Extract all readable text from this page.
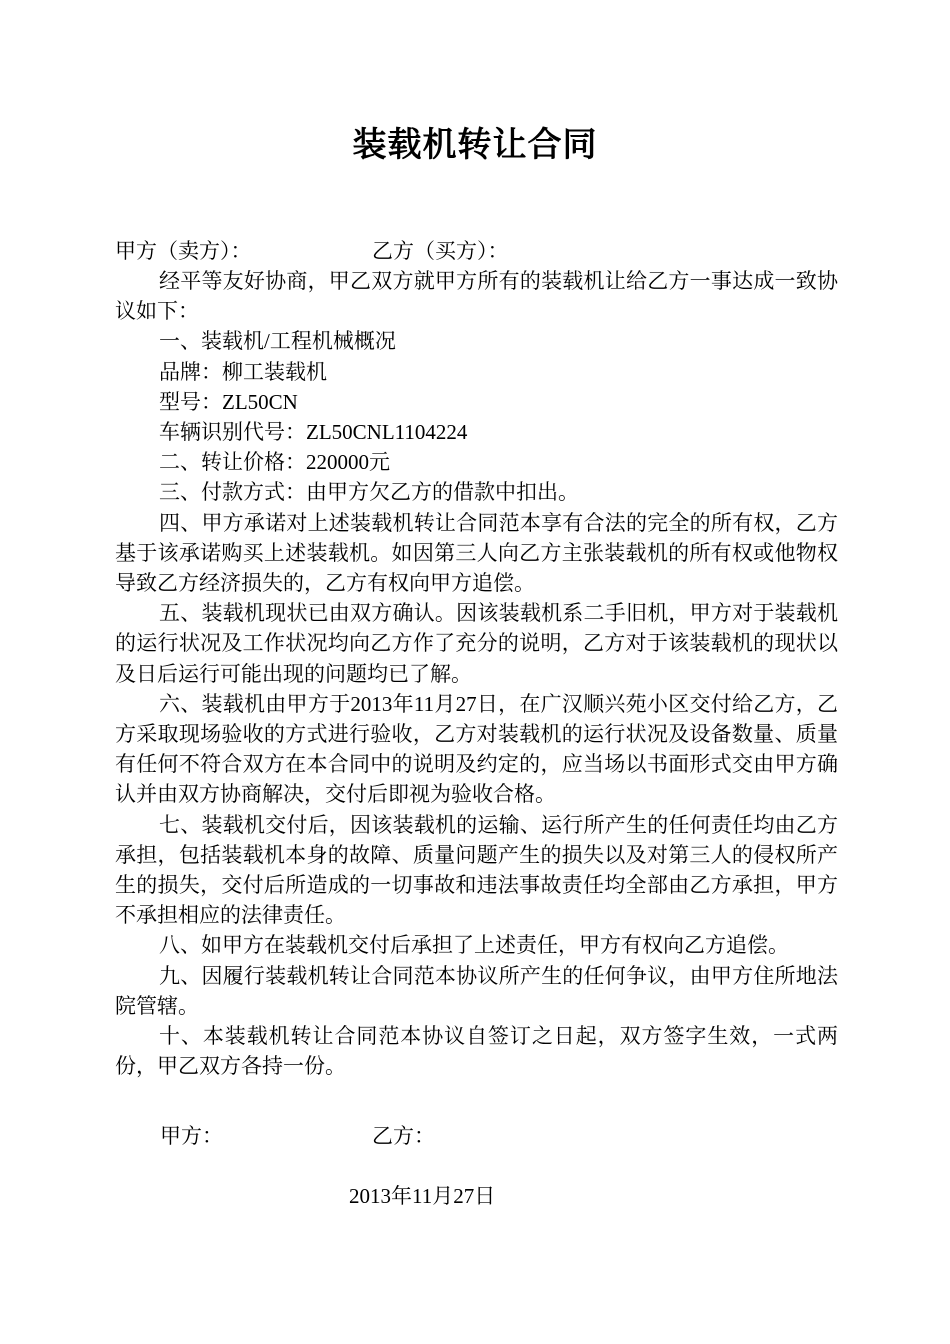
装载机转让合同
甲方（卖方）：	乙方（买方）：

经平等友好协商，甲乙双方就甲方所有的装载机让给乙方一事达成一致协议如下：

一、装载机/工程机械概况

品牌：柳工装载机

型号：ZL50CN

车辆识别代号：ZL50CNL1104224

二、转让价格：220000元

三、付款方式：由甲方欠乙方的借款中扣出。

四、甲方承诺对上述装载机转让合同范本享有合法的完全的所有权，乙方基于该承诺购买上述装载机。如因第三人向乙方主张装载机的所有权或他物权导致乙方经济损失的，乙方有权向甲方追偿。

五、装载机现状已由双方确认。因该装载机系二手旧机，甲方对于装载机的运行状况及工作状况均向乙方作了充分的说明，乙方对于该装载机的现状以及日后运行可能出现的问题均已了解。

六、装载机由甲方于2013年11月27日，在广汉顺兴苑小区交付给乙方，乙方采取现场验收的方式进行验收，乙方对装载机的运行状况及设备数量、质量有任何不符合双方在本合同中的说明及约定的，应当场以书面形式交由甲方确认并由双方协商解决，交付后即视为验收合格。

七、装载机交付后，因该装载机的运输、运行所产生的任何责任均由乙方承担，包括装载机本身的故障、质量问题产生的损失以及对第三人的侵权所产生的损失，交付后所造成的一切事故和违法事故责任均全部由乙方承担，甲方不承担相应的法律责任。

八、如甲方在装载机交付后承担了上述责任，甲方有权向乙方追偿。

九、因履行装载机转让合同范本协议所产生的任何争议，由甲方住所地法院管辖。

十、本装载机转让合同范本协议自签订之日起，双方签字生效，一式两份，甲乙双方各持一份。

甲方：	乙方：
2013年11月27日
